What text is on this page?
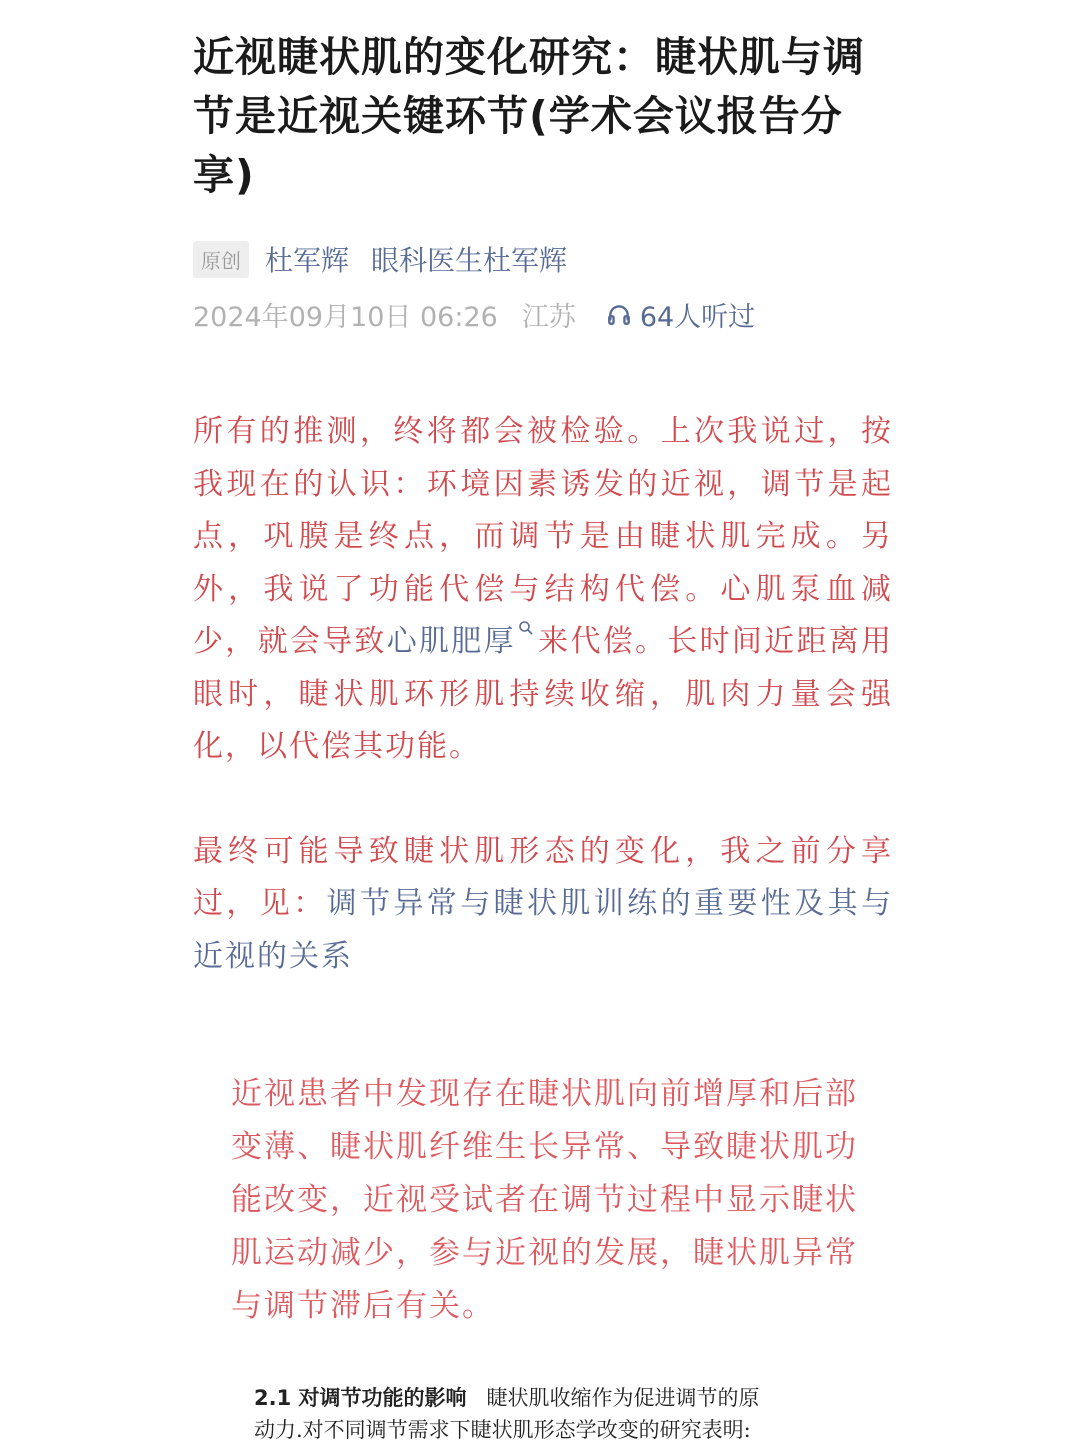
近视睫状肌的变化研究：睫状肌与调节是近视关键环节(学术会议报告分享)
原创 杜军辉 眼科医生杜军辉
2024年09月10日 06:26 江苏 64人听过

所有的推测，终将都会被检验。上次我说过，按我现在的认识：环境因素诱发的近视，调节是起点，巩膜是终点，而调节是由睫状肌完成。另外，我说了功能代偿与结构代偿。心肌泵血减少，就会导致心肌肥厚 来代偿。长时间近距离用眼时，睫状肌环形肌持续收缩，肌肉力量会强化，以代偿其功能。

最终可能导致睫状肌形态的变化，我之前分享过，见：调节异常与睫状肌训练的重要性及其与近视的关系

近视患者中发现存在睫状肌向前增厚和后部变薄、睫状肌纤维生长异常、导致睫状肌功能改变，近视受试者在调节过程中显示睫状肌运动减少，参与近视的发展，睫状肌异常与调节滞后有关。

2.1 对调节功能的影响 睫状肌收缩作为促进调节的原
动力.对不同调节需求下睫状肌形态学改变的研究表明:
